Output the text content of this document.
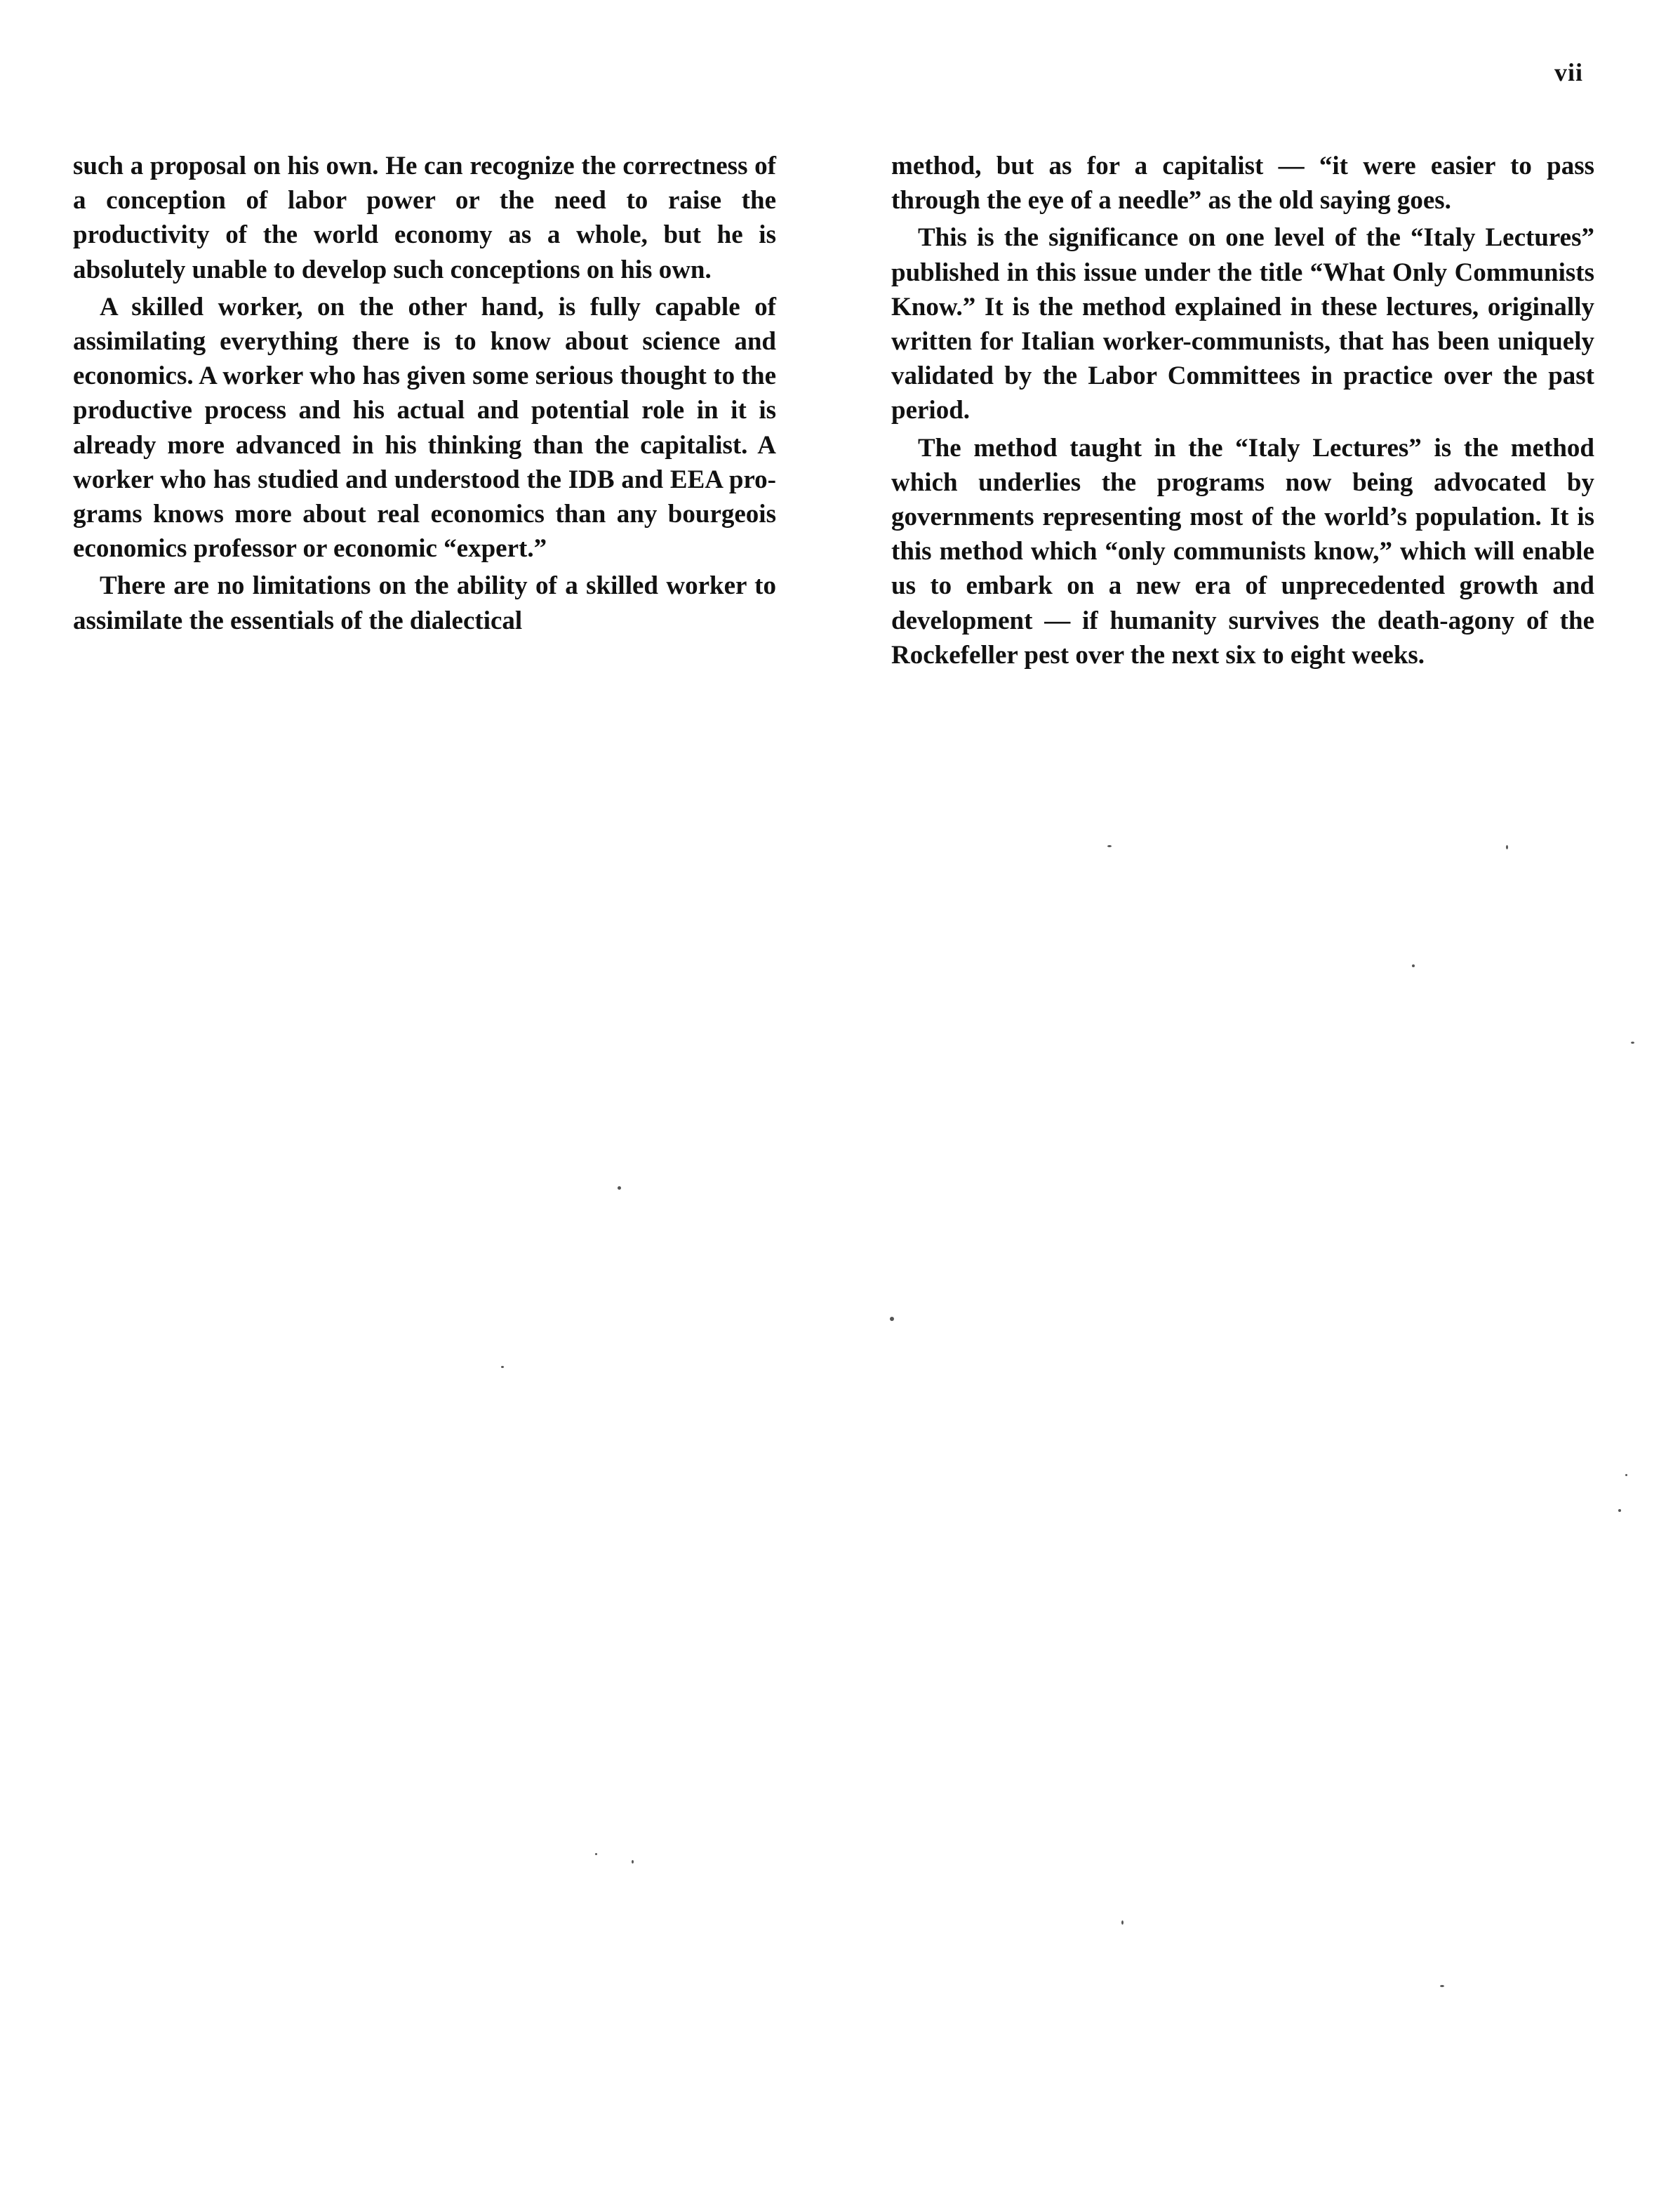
vii

such a proposal on his own. He can recognize the correctness of a conception of labor power or the need to raise the productivity of the world economy as a whole, but he is absolutely unable to develop such conceptions on his own.

A skilled worker, on the other hand, is fully capable of assimilating everything there is to know about science and economics. A worker who has given some serious thought to the productive process and his actual and potential role in it is already more advanced in his thinking than the capitalist. A worker who has studied and understood the IDB and EEA programs knows more about real economics than any bourgeois economics professor or economic “expert.”

There are no limitations on the ability of a skilled worker to assimilate the essentials of the dialectical

method, but as for a capitalist — “it were easier to pass through the eye of a needle” as the old saying goes.

This is the significance on one level of the “Italy Lectures” published in this issue under the title “What Only Communists Know.” It is the method explained in these lectures, originally written for Italian worker-communists, that has been uniquely validated by the Labor Committees in practice over the past period.

The method taught in the “Italy Lectures” is the method which underlies the programs now being advocated by governments representing most of the world’s population. It is this method which “only communists know,” which will enable us to embark on a new era of unprecedented growth and development — if humanity survives the death-agony of the Rockefeller pest over the next six to eight weeks.
